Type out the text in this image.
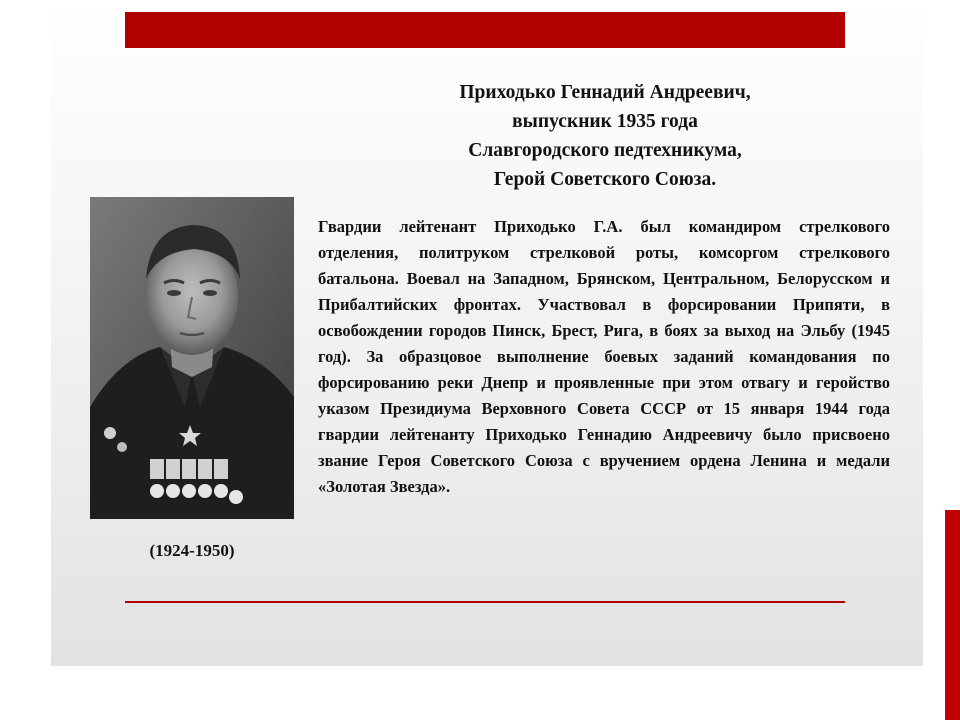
Приходько Геннадий Андреевич,
выпускник 1935 года
Славгородского педтехникума,
Герой Советского Союза.

(1924-1950)

Гвардии лейтенант Приходько Г.А. был командиром стрелкового отделения, политруком стрелковой роты, комсоргом стрелкового батальона. Воевал на Западном, Брянском, Центральном, Белорусском и Прибалтийских фронтах. Участвовал в форсировании Припяти, в освобождении городов Пинск, Брест, Рига, в боях за выход на Эльбу (1945 год). За образцовое выполнение боевых заданий командования по форсированию реки Днепр и проявленные при этом отвагу и геройство указом Президиума Верховного Совета СССР от 15 января 1944 года гвардии лейтенанту Приходько Геннадию Андреевичу было присвоено звание Героя Советского Союза с вручением ордена Ленина и медали «Золотая Звезда».
